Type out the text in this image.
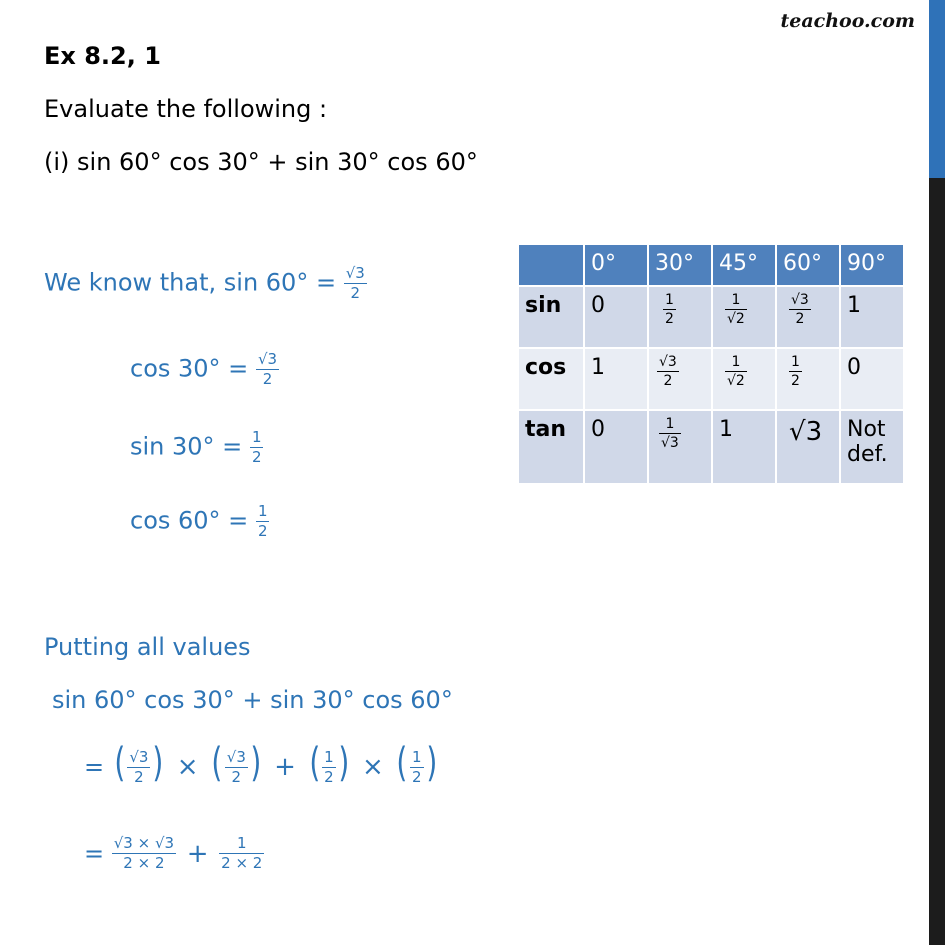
teachoo.com
Ex 8.2, 1
Evaluate the following :
(i) sin 60° cos 30° + sin 30° cos 60°
We know that, $\sin 60^\circ = \frac{√3}{2}$
$\cos 30^\circ = \frac{√3}{2}$
$\sin 30^\circ = \frac{1}{2}$
$\cos 60^\circ = \frac{1}{2}$
	0°	30°	45°	60°	90°
sin	0	$\frac{1}{2}$	$\frac{1}{√2}$	$\frac{√3}{2}$	1
cos	1	$\frac{√3}{2}$	$\frac{1}{√2}$	$\frac{1}{2}$	0
tan	0	$\frac{1}{√3}$	1	√3	Not
def.
Putting all values
sin 60° cos 30° + sin 30° cos 60°
= ( $\frac{√3}{2}$ ) × ( $\frac{√3}{2}$ ) + ( $\frac{1}{2}$ ) × ( $\frac{1}{2}$ )
= $\frac{√3 \times √3}{2 \times 2} + \frac{1}{2 \times 2}$
